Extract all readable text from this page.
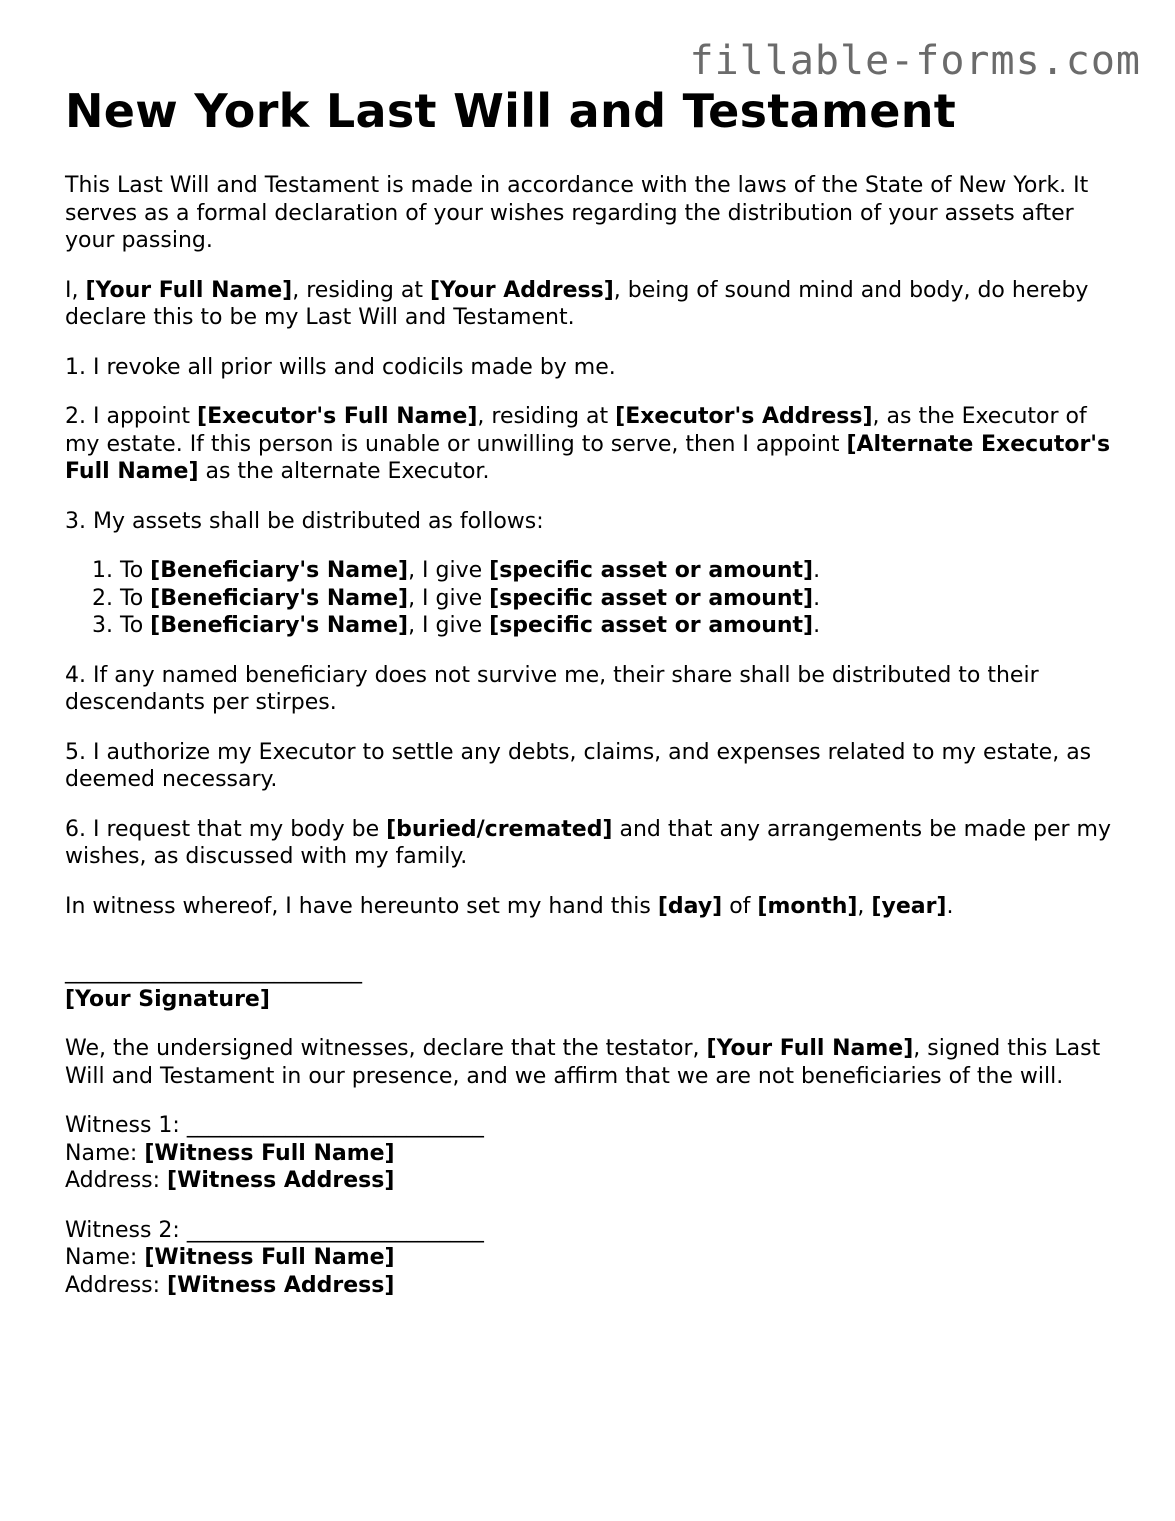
fillable-forms.com
New York Last Will and Testament

This Last Will and Testament is made in accordance with the laws of the State of New York. It serves as a formal declaration of your wishes regarding the distribution of your assets after your passing.

I, [Your Full Name], residing at [Your Address], being of sound mind and body, do hereby declare this to be my Last Will and Testament.

1. I revoke all prior wills and codicils made by me.

2. I appoint [Executor's Full Name], residing at [Executor's Address], as the Executor of my estate. If this person is unable or unwilling to serve, then I appoint [Alternate Executor's Full Name] as the alternate Executor.

3. My assets shall be distributed as follows:

1. To [Beneficiary's Name], I give [specific asset or amount].
2. To [Beneficiary's Name], I give [specific asset or amount].
3. To [Beneficiary's Name], I give [specific asset or amount].

4. If any named beneficiary does not survive me, their share shall be distributed to their descendants per stirpes.

5. I authorize my Executor to settle any debts, claims, and expenses related to my estate, as deemed necessary.

6. I request that my body be [buried/cremated] and that any arrangements be made per my wishes, as discussed with my family.

In witness whereof, I have hereunto set my hand this [day] of [month], [year].

___________________________
[Your Signature]

We, the undersigned witnesses, declare that the testator, [Your Full Name], signed this Last Will and Testament in our presence, and we affirm that we are not beneficiaries of the will.

Witness 1: ___________________________
Name: [Witness Full Name]
Address: [Witness Address]
Witness 2: ___________________________
Name: [Witness Full Name]
Address: [Witness Address]
